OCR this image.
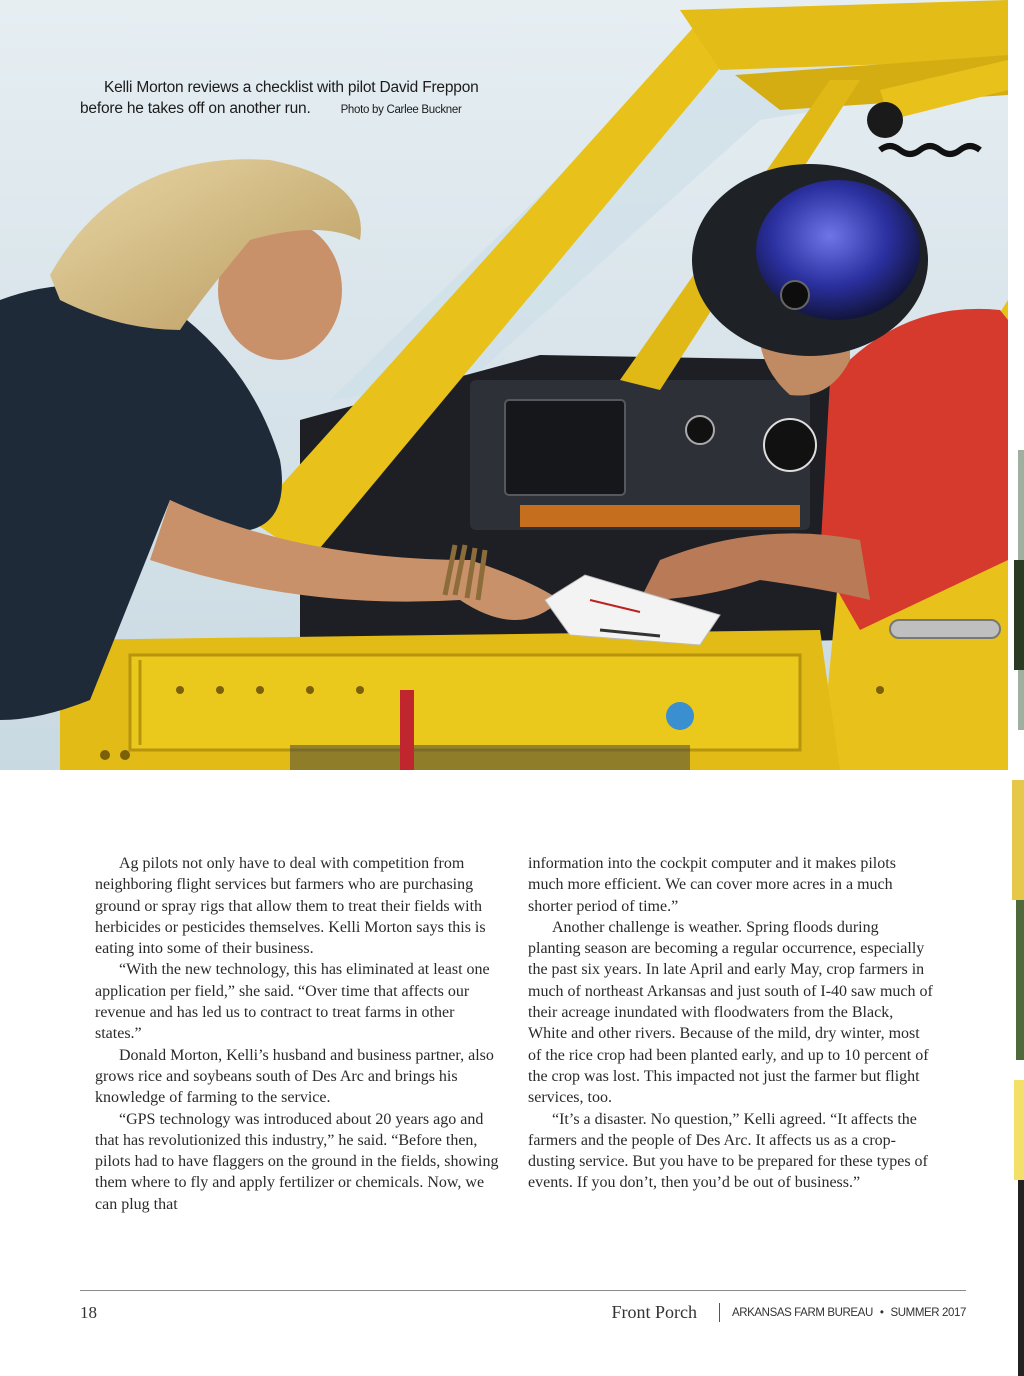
Kelli Morton reviews a checklist with pilot David Freppon
before he takes off on another run.	Photo by Carlee Buckner

Ag pilots not only have to deal with competition from neighboring flight services but farmers who are purchasing ground or spray rigs that allow them to treat their fields with herbicides or pesticides themselves. Kelli Morton says this is eating into some of their business.

“With the new technology, this has eliminated at least one application per field,” she said. “Over time that affects our revenue and has led us to contract to treat farms in other states.”

Donald Morton, Kelli’s husband and business partner, also grows rice and soybeans south of Des Arc and brings his knowledge of farming to the service.

“GPS technology was introduced about 20 years ago and that has revolutionized this industry,” he said. “Before then, pilots had to have flaggers on the ground in the fields, showing them where to fly and apply fertilizer or chemicals. Now, we can plug that

information into the cockpit computer and it makes pilots much more efficient. We can cover more acres in a much shorter period of time.”

Another challenge is weather. Spring floods during planting season are becoming a regular occurrence, especially the past six years. In late April and early May, crop farmers in much of northeast Arkansas and just south of I-40 saw much of their acreage inundated with floodwaters from the Black, White and other rivers. Because of the mild, dry winter, most of the rice crop had been planted early, and up to 10 percent of the crop was lost. This impacted not just the farmer but flight services, too.

“It’s a disaster. No question,” Kelli agreed. “It affects the farmers and the people of Des Arc. It affects us as a crop-dusting service. But you have to be prepared for these types of events. If you don’t, then you’d be out of business.”

18	Front Porch	ARKANSAS FARM BUREAU • SUMMER 2017
